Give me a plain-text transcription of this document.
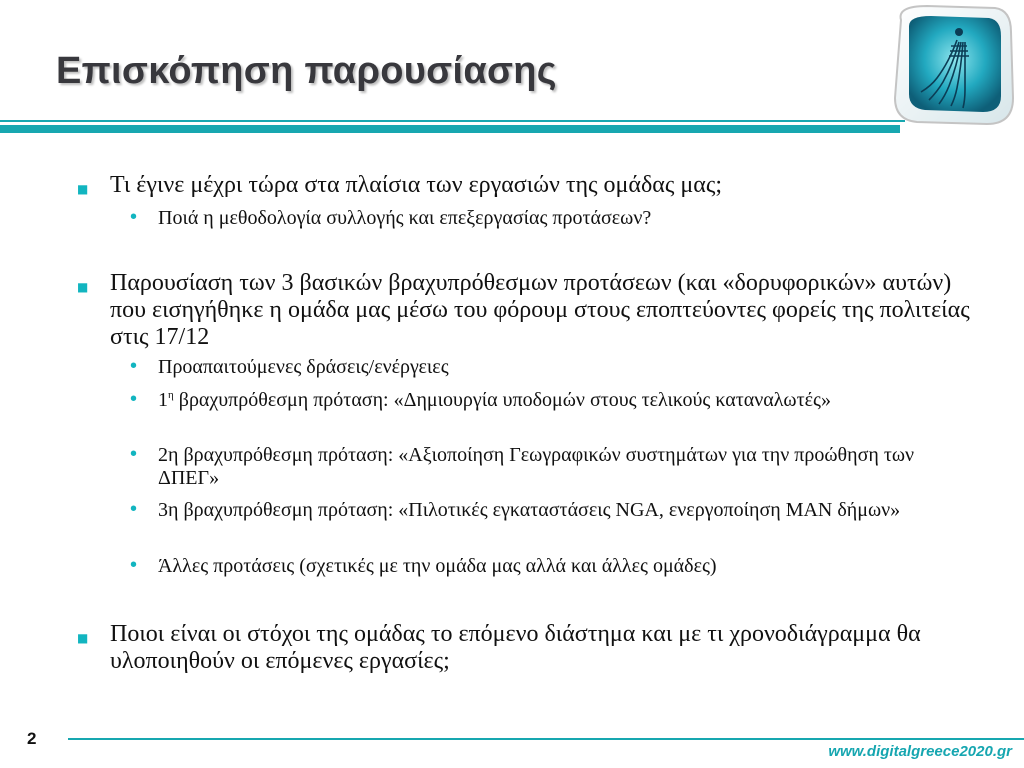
Επισκόπηση παρουσίασης
■ Τι έγινε μέχρι τώρα στα πλαίσια των εργασιών της ομάδας μας;
• Ποιά η μεθοδολογία συλλογής και επεξεργασίας προτάσεων?
■ Παρουσίαση των 3 βασικών βραχυπρόθεσμων προτάσεων (και «δορυφορικών» αυτών) που εισηγήθηκε η ομάδα μας μέσω του φόρουμ στους εποπτεύοντες φορείς της πολιτείας στις 17/12
• Προαπαιτούμενες δράσεις/ενέργειες
• $1^\eta$ βραχυπρόθεσμη πρόταση: «Δημιουργία υποδομών στους τελικούς καταναλωτές»
• 2η βραχυπρόθεσμη πρόταση: «Αξιοποίηση Γεωγραφικών συστημάτων για την προώθηση των ΔΠΕΓ»
• 3η βραχυπρόθεσμη πρόταση: «Πιλοτικές εγκαταστάσεις NGA, ενεργοποίηση ΜΑΝ δήμων»
• Άλλες προτάσεις (σχετικές με την ομάδα μας αλλά και άλλες ομάδες)
■ Ποιοι είναι οι στόχοι της ομάδας το επόμενο διάστημα και με τι χρονοδιάγραμμα θα υλοποιηθούν οι επόμενες εργασίες;
2
www.digitalgreece2020.gr
